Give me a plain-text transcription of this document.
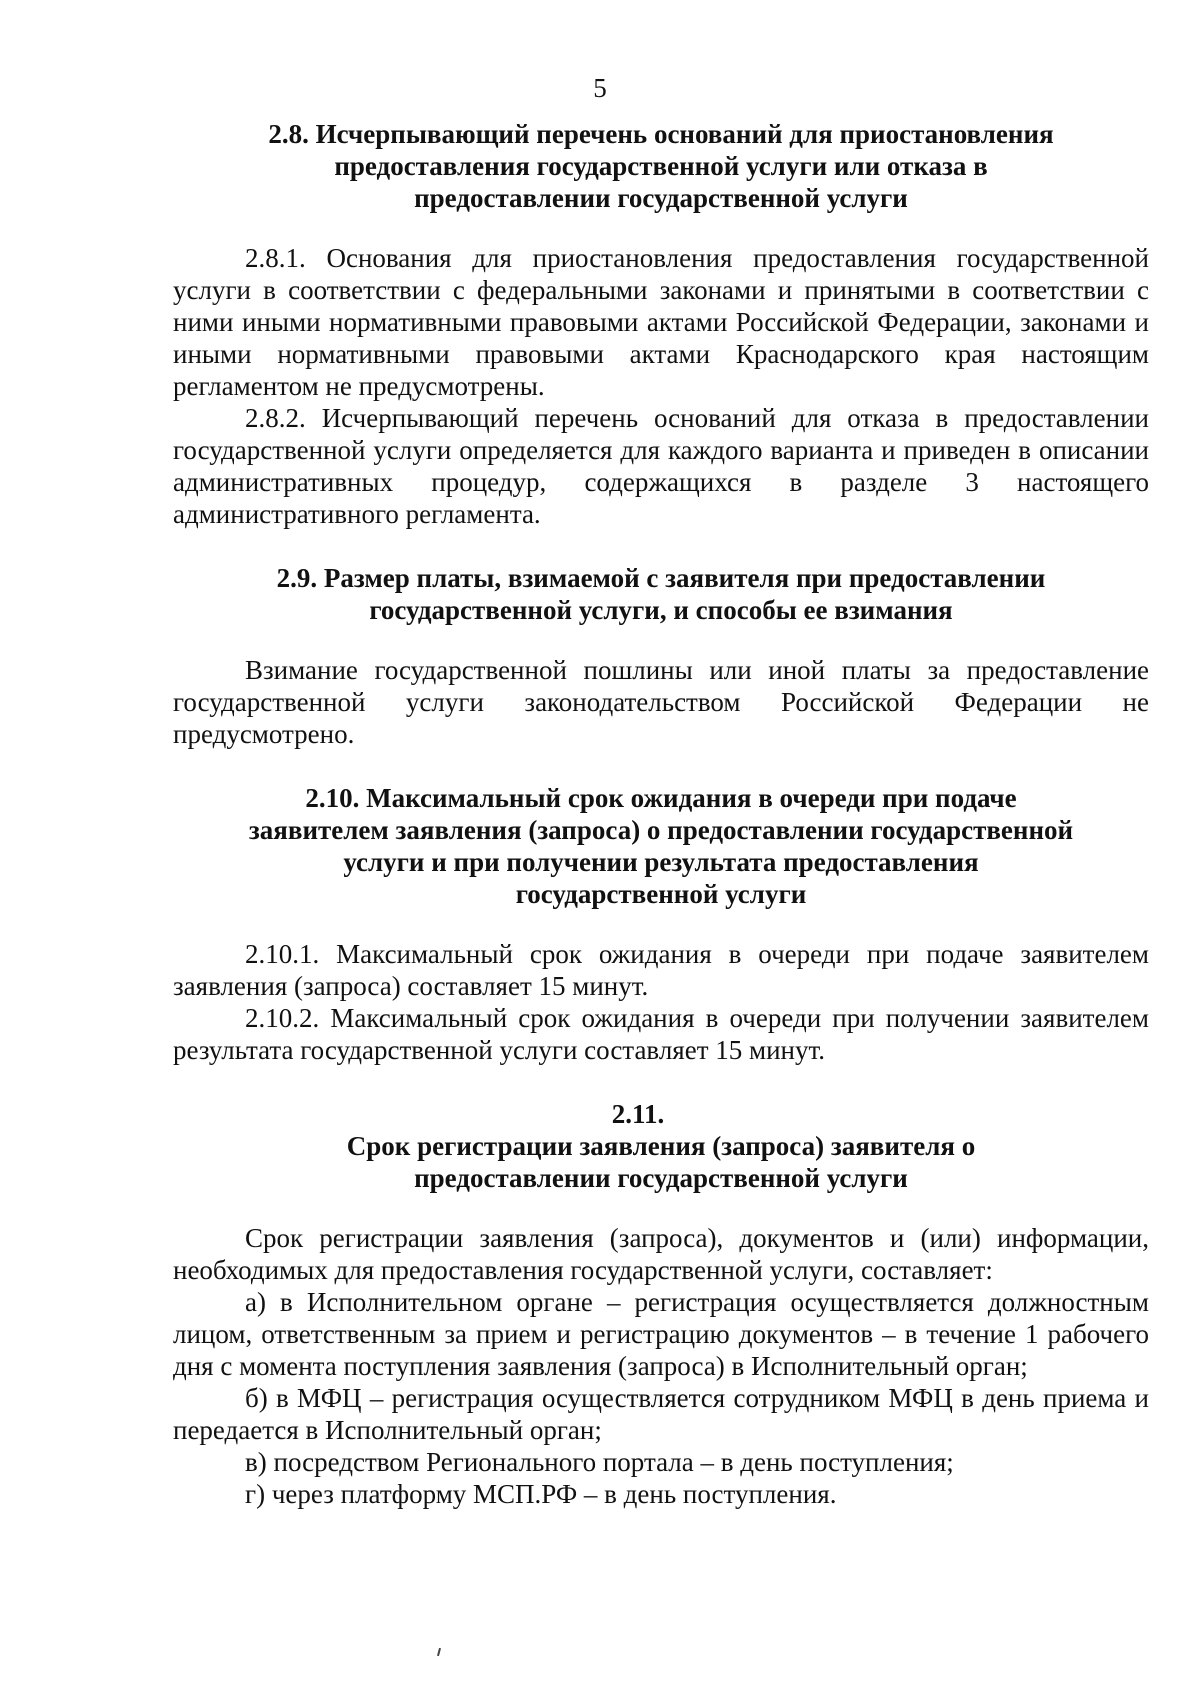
5
2.8. Исчерпывающий перечень оснований для приостановления
предоставления государственной услуги или отказа в
предоставлении государственной услуги

2.8.1. Основания для приостановления предоставления государственной услуги в соответствии с федеральными законами и принятыми в соответствии с ними иными нормативными правовыми актами Российской Федерации, законами и иными нормативными правовыми актами Краснодарского края настоящим регламентом не предусмотрены.

2.8.2. Исчерпывающий перечень оснований для отказа в предоставлении государственной услуги определяется для каждого варианта и приведен в описании административных процедур, содержащихся в разделе 3 настоящего административного регламента.

2.9. Размер платы, взимаемой с заявителя при предоставлении
государственной услуги, и способы ее взимания

Взимание государственной пошлины или иной платы за предоставление государственной услуги законодательством Российской Федерации не предусмотрено.

2.10. Максимальный срок ожидания в очереди при подаче
заявителем заявления (запроса) о предоставлении государственной
услуги и при получении результата предоставления
государственной услуги

2.10.1. Максимальный срок ожидания в очереди при подаче заявителем заявления (запроса) составляет 15 минут.

2.10.2. Максимальный срок ожидания в очереди при получении заявителем результата государственной услуги составляет 15 минут.

2.11.
Срок регистрации заявления (запроса) заявителя о
предоставлении государственной услуги

Срок регистрации заявления (запроса), документов и (или) информации, необходимых для предоставления государственной услуги, составляет:

а) в Исполнительном органе – регистрация осуществляется должностным лицом, ответственным за прием и регистрацию документов – в течение 1 рабочего дня с момента поступления заявления (запроса) в Исполнительный орган;

б) в МФЦ – регистрация осуществляется сотрудником МФЦ в день приема и передается в Исполнительный орган;

в) посредством Регионального портала – в день поступления;

г) через платформу МСП.РФ – в день поступления.
